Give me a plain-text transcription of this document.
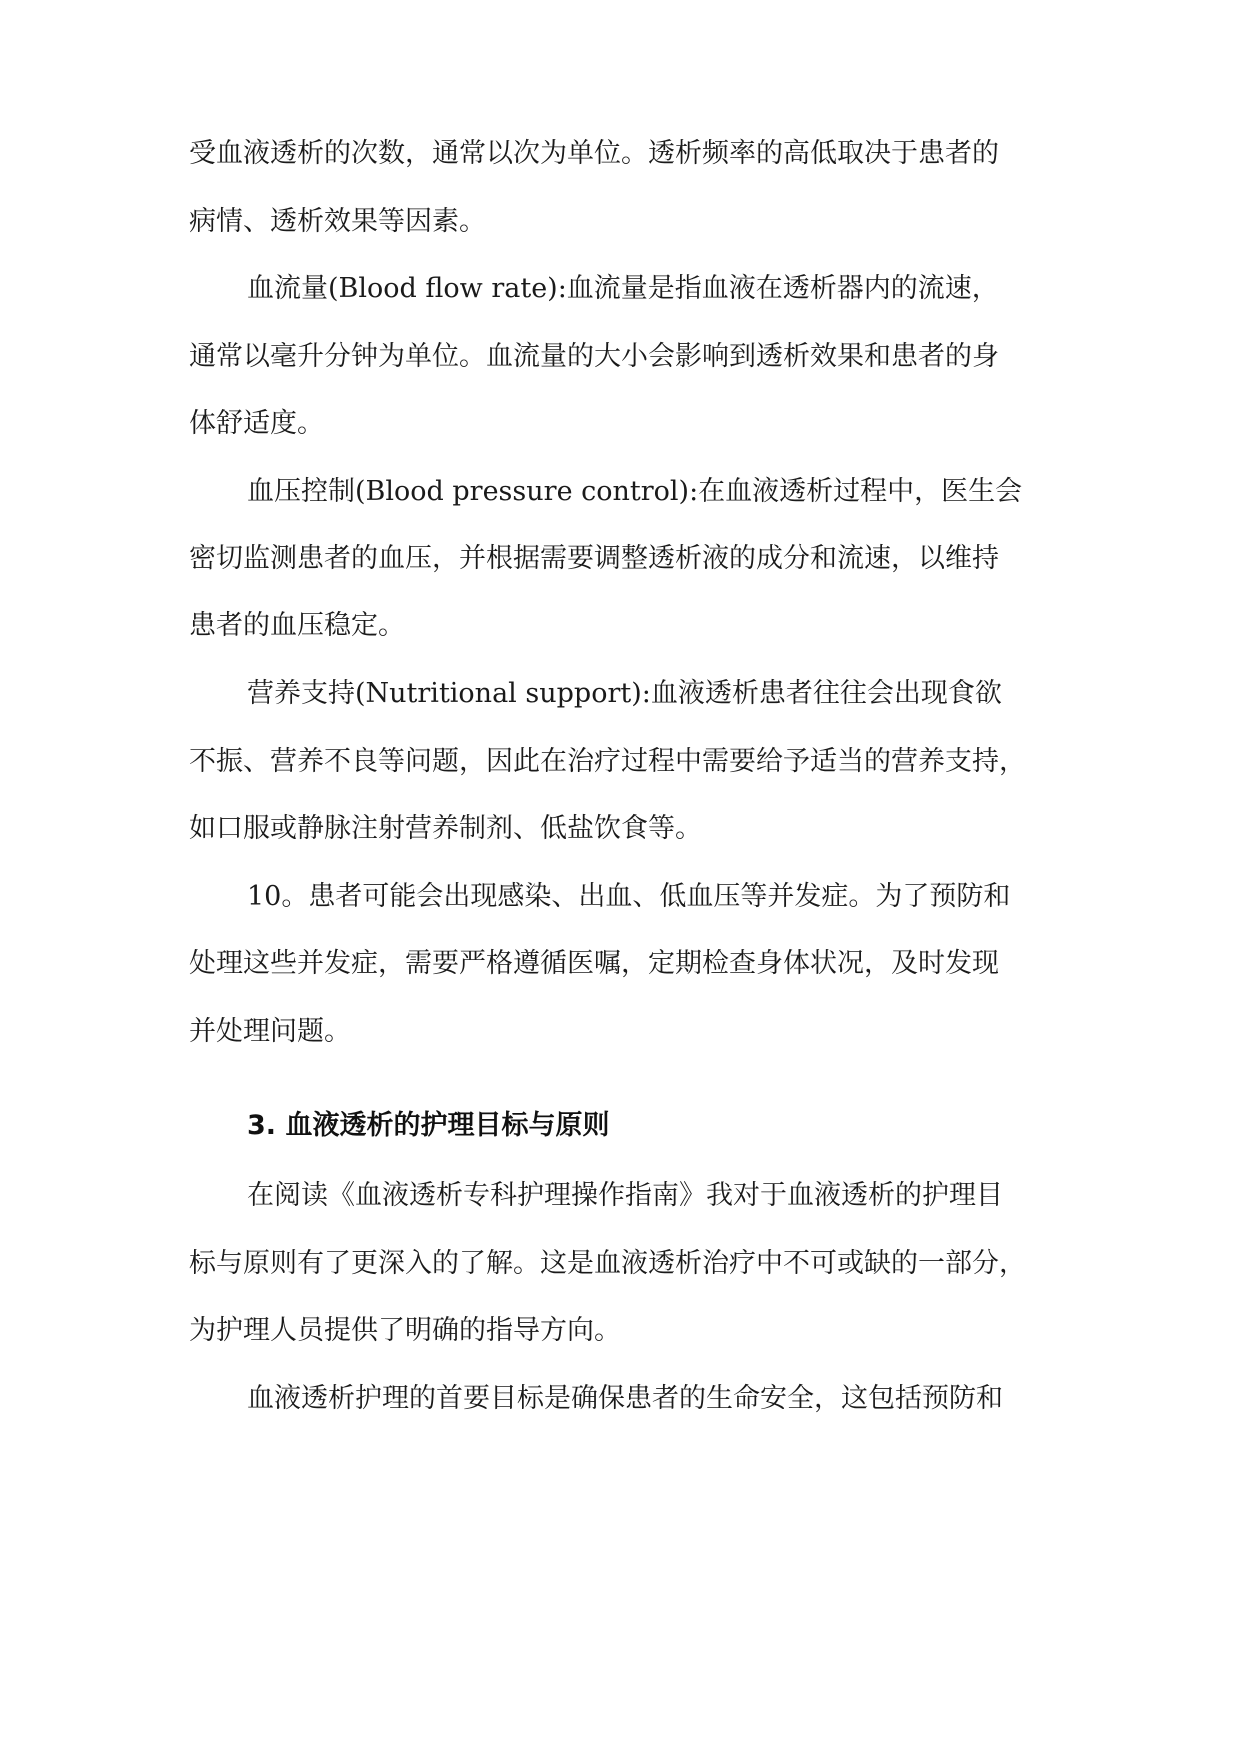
受血液透析的次数，通常以次为单位。透析频率的高低取决于患者的
病情、透析效果等因素。
血流量(Blood flow rate):血流量是指血液在透析器内的流速，
通常以毫升分钟为单位。血流量的大小会影响到透析效果和患者的身
体舒适度。
血压控制(Blood pressure control):在血液透析过程中，医生会
密切监测患者的血压，并根据需要调整透析液的成分和流速，以维持
患者的血压稳定。
营养支持(Nutritional support):血液透析患者往往会出现食欲
不振、营养不良等问题，因此在治疗过程中需要给予适当的营养支持，
如口服或静脉注射营养制剂、低盐饮食等。
10。患者可能会出现感染、出血、低血压等并发症。为了预防和
处理这些并发症，需要严格遵循医嘱，定期检查身体状况，及时发现
并处理问题。
3. 血液透析的护理目标与原则
在阅读《血液透析专科护理操作指南》我对于血液透析的护理目
标与原则有了更深入的了解。这是血液透析治疗中不可或缺的一部分，
为护理人员提供了明确的指导方向。
血液透析护理的首要目标是确保患者的生命安全，这包括预防和
